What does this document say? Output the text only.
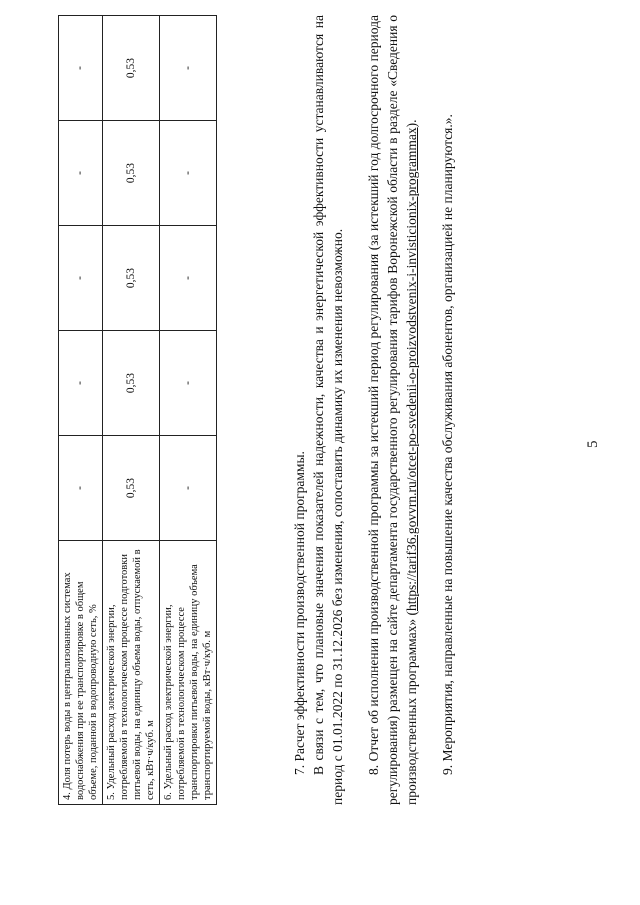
5
4. Доля потерь воды в централизованных системах водоснабжения при ее транспортировке в общем объеме, поданной в водопроводную сеть, %	-	-	-	-	-
5. Удельный расход электрической энергии, потребляемой в технологическом процессе подготовки питьевой воды, на единицу объема воды, отпускаемой в сеть, кВт·ч/куб. м	0,53	0,53	0,53	0,53	0,53
6. Удельный расход электрической энергии, потребляемой в технологическом процессе транспортировки питьевой воды, на единицу объема транспортируемой воды, кВт·ч/куб. м	-	-	-	-	-

7. Расчет эффективности производственной программы. В связи с тем, что плановые значения показателей надежности, качества и энергетической эффективности устанавливаются на период с 01.01.2022 по 31.12.2026 без изменения, сопоставить динамику их изменения невозможно. 8. Отчет об исполнении производственной программы за истекший период регулирования (за истекший год долгосрочного периода регулирования) размещен на сайте департамента государственного регулирования тарифов Воронежской области в разделе «Сведения о производственных программах» (https://tarif36.govvrn.ru/otcet-po-svedenii-o-proizvodstvenix-i-invisticionix-programmax). 9. Мероприятия, направленные на повышение качества обслуживания абонентов, организацией не планируются.».
